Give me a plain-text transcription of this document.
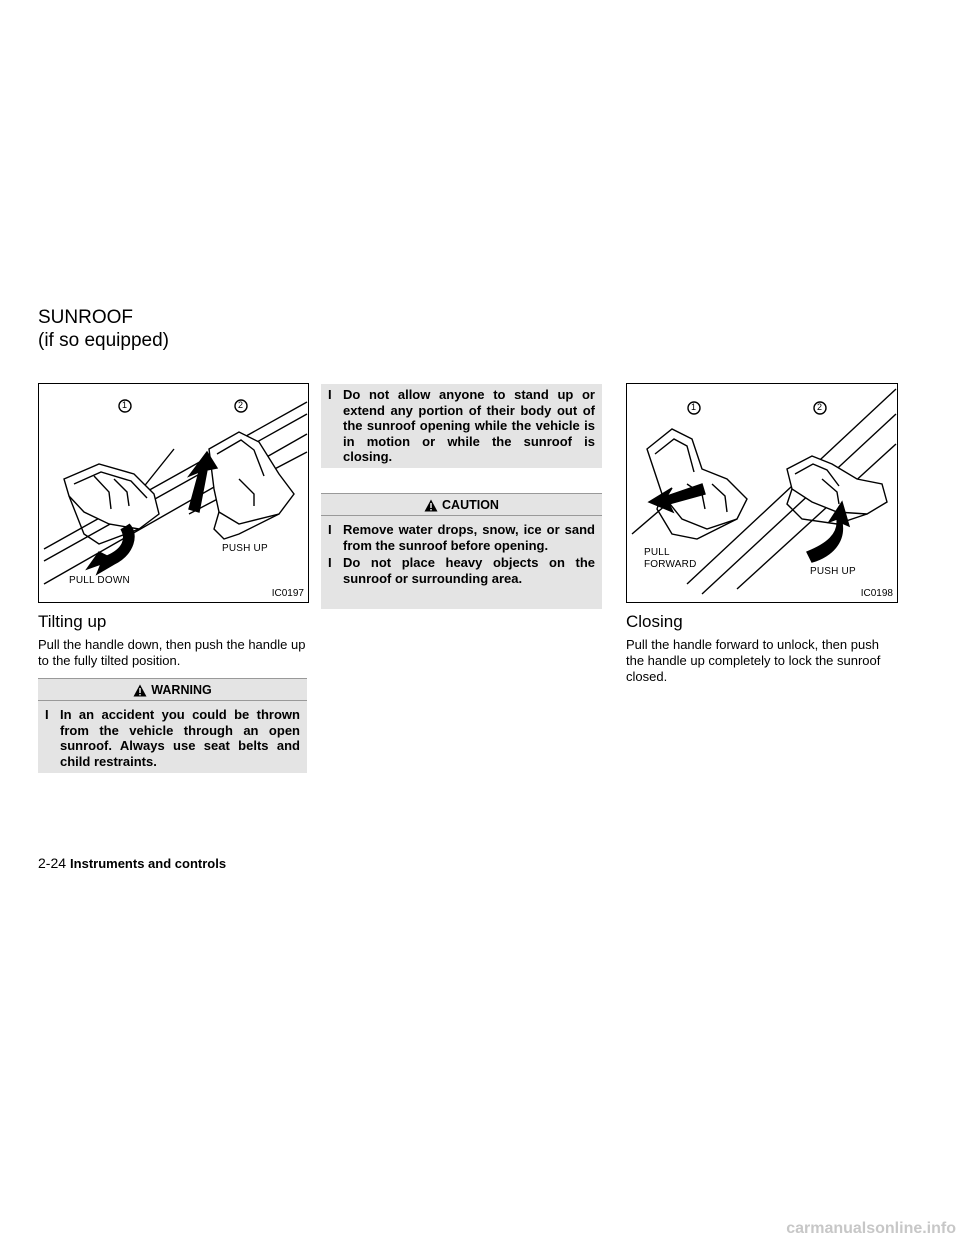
SUNROOF
(if so equipped)
1	2
PULL DOWN
PUSH UP
IC0197
Tilting up

Pull the handle down, then push the handle up to the fully tilted position.

WARNING
I In an accident you could be thrown from the vehicle through an open sunroof. Always use seat belts and child restraints.
I Do not allow anyone to stand up or extend any portion of their body out of the sunroof opening while the vehicle is in motion or while the sunroof is closing.
CAUTION
I Remove water drops, snow, ice or sand from the sunroof before opening.
I Do not place heavy objects on the sunroof or surrounding area.
1	2
PULL
FORWARD
PUSH UP
IC0198
Closing

Pull the handle forward to unlock, then push the handle up completely to lock the sunroof closed.

2-24 Instruments and controls
carmanualsonline.info
